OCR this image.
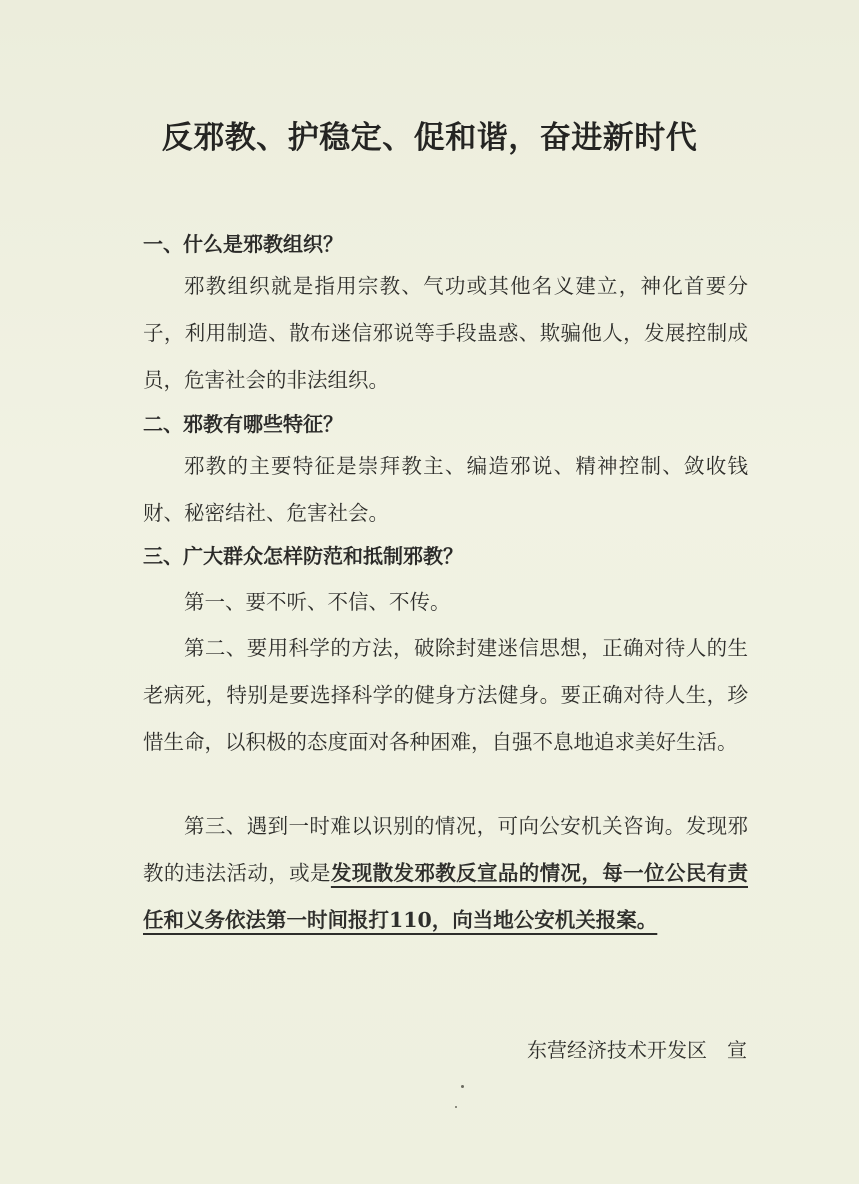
反邪教、护稳定、促和谐，奋进新时代
一、什么是邪教组织？
邪教组织就是指用宗教、气功或其他名义建立，神化首要分子，利用制造、散布迷信邪说等手段蛊惑、欺骗他人，发展控制成员，危害社会的非法组织。
二、邪教有哪些特征？
邪教的主要特征是崇拜教主、编造邪说、精神控制、敛收钱财、秘密结社、危害社会。
三、广大群众怎样防范和抵制邪教？
第一、要不听、不信、不传。
第二、要用科学的方法，破除封建迷信思想，正确对待人的生老病死，特别是要选择科学的健身方法健身。要正确对待人生，珍惜生命，以积极的态度面对各种困难，自强不息地追求美好生活。
第三、遇到一时难以识别的情况，可向公安机关咨询。发现邪教的违法活动，或是发现散发邪教反宣品的情况，每一位公民有责任和义务依法第一时间报打110，向当地公安机关报案。
东营经济技术开发区　宣
